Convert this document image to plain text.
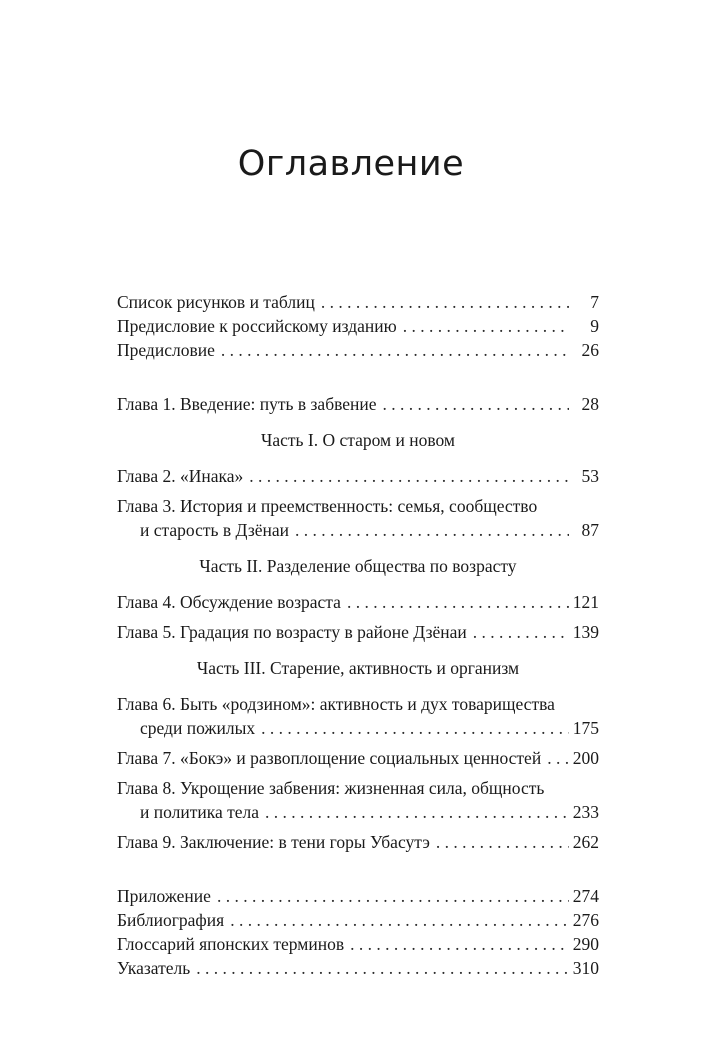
Оглавление
Список рисунков и таблиц . . .	7
Предисловие к российскому изданию . . .	9
Предисловие . . .	26
Глава 1. Введение: путь в забвение . . .	28
Часть I. О старом и новом
Глава 2. «Инака» . . .	53
Глава 3. История и преемственность: семья, сообщество
и старость в Дзёнаи . . .	87
Часть II. Разделение общества по возрасту
Глава 4. Обсуждение возраста . . .	121
Глава 5. Градация по возрасту в районе Дзёнаи . . .	139
Часть III. Старение, активность и организм
Глава 6. Быть «родзином»: активность и дух товарищества
среди пожилых . . .	175
Глава 7. «Бокэ» и развоплощение социальных ценностей . . . 200
Глава 8. Укрощение забвения: жизненная сила, общность
и политика тела . . .	233
Глава 9. Заключение: в тени горы Убасутэ . . .	262
Приложение . . .	274
Библиография . . .	276
Глоссарий японских терминов . . .	290
Указатель . . .	310
